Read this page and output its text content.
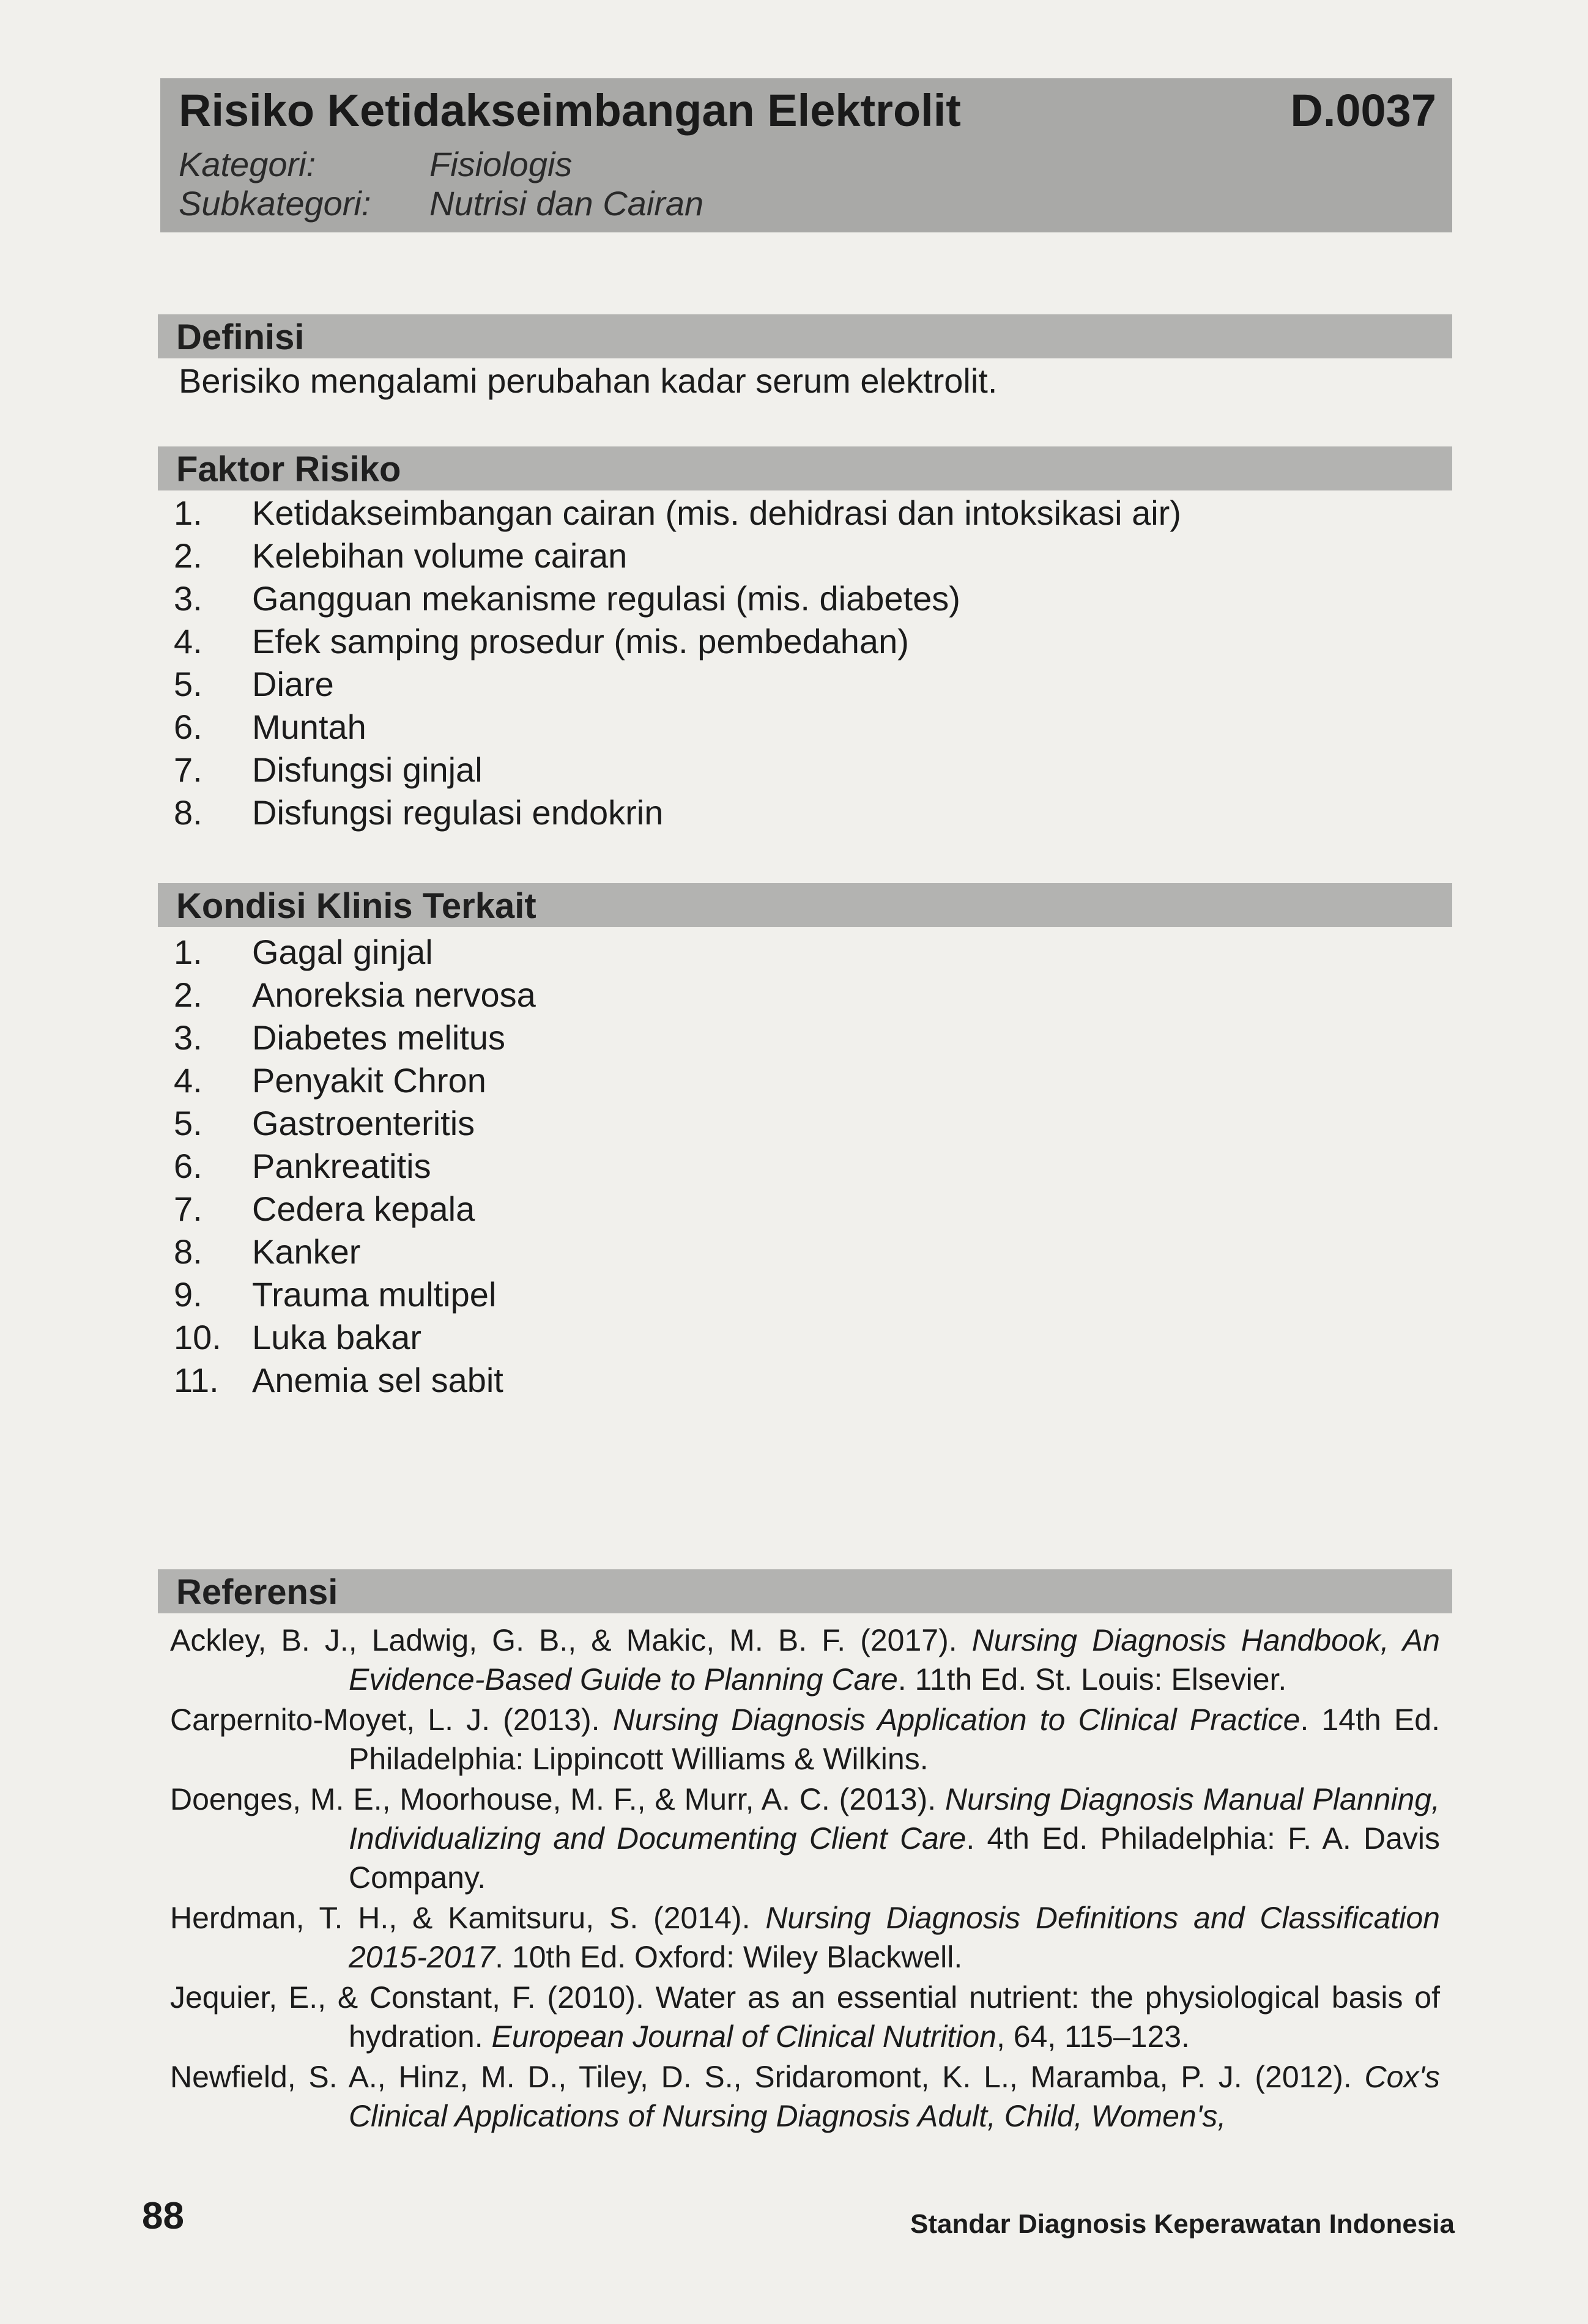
Risiko Ketidakseimbangan Elektrolit	D.0037
Kategori:	Fisiologis
Subkategori: Nutrisi dan Cairan
Definisi
Berisiko mengalami perubahan kadar serum elektrolit.
Faktor Risiko
1.	Ketidakseimbangan cairan (mis. dehidrasi dan intoksikasi air)
2.	Kelebihan volume cairan
3.	Gangguan mekanisme regulasi (mis. diabetes)
4.	Efek samping prosedur (mis. pembedahan)
5.	Diare
6.	Muntah
7.	Disfungsi ginjal
8.	Disfungsi regulasi endokrin
Kondisi Klinis Terkait
1.	Gagal ginjal
2.	Anoreksia nervosa
3.	Diabetes melitus
4.	Penyakit Chron
5.	Gastroenteritis
6.	Pankreatitis
7.	Cedera kepala
8.	Kanker
9.	Trauma multipel
10. Luka bakar
11. Anemia sel sabit
Referensi
Ackley, B. J., Ladwig, G. B., & Makic, M. B. F. (2017). Nursing Diagnosis Handbook, An Evidence-Based Guide to Planning Care. 11th Ed. St. Louis: Elsevier.
Carpernito-Moyet, L. J. (2013). Nursing Diagnosis Application to Clinical Practice. 14th Ed. Philadelphia: Lippincott Williams & Wilkins.
Doenges, M. E., Moorhouse, M. F., & Murr, A. C. (2013). Nursing Diagnosis Manual Planning, Individualizing and Documenting Client Care. 4th Ed. Philadelphia: F. A. Davis Company.
Herdman, T. H., & Kamitsuru, S. (2014). Nursing Diagnosis Definitions and Classification 2015-2017. 10th Ed. Oxford: Wiley Blackwell.
Jequier, E., & Constant, F. (2010). Water as an essential nutrient: the physiological basis of hydration. European Journal of Clinical Nutrition, 64, 115–123.
Newfield, S. A., Hinz, M. D., Tiley, D. S., Sridaromont, K. L., Maramba, P. J. (2012). Cox's Clinical Applications of Nursing Diagnosis Adult, Child, Women's,
88	Standar Diagnosis Keperawatan Indonesia
